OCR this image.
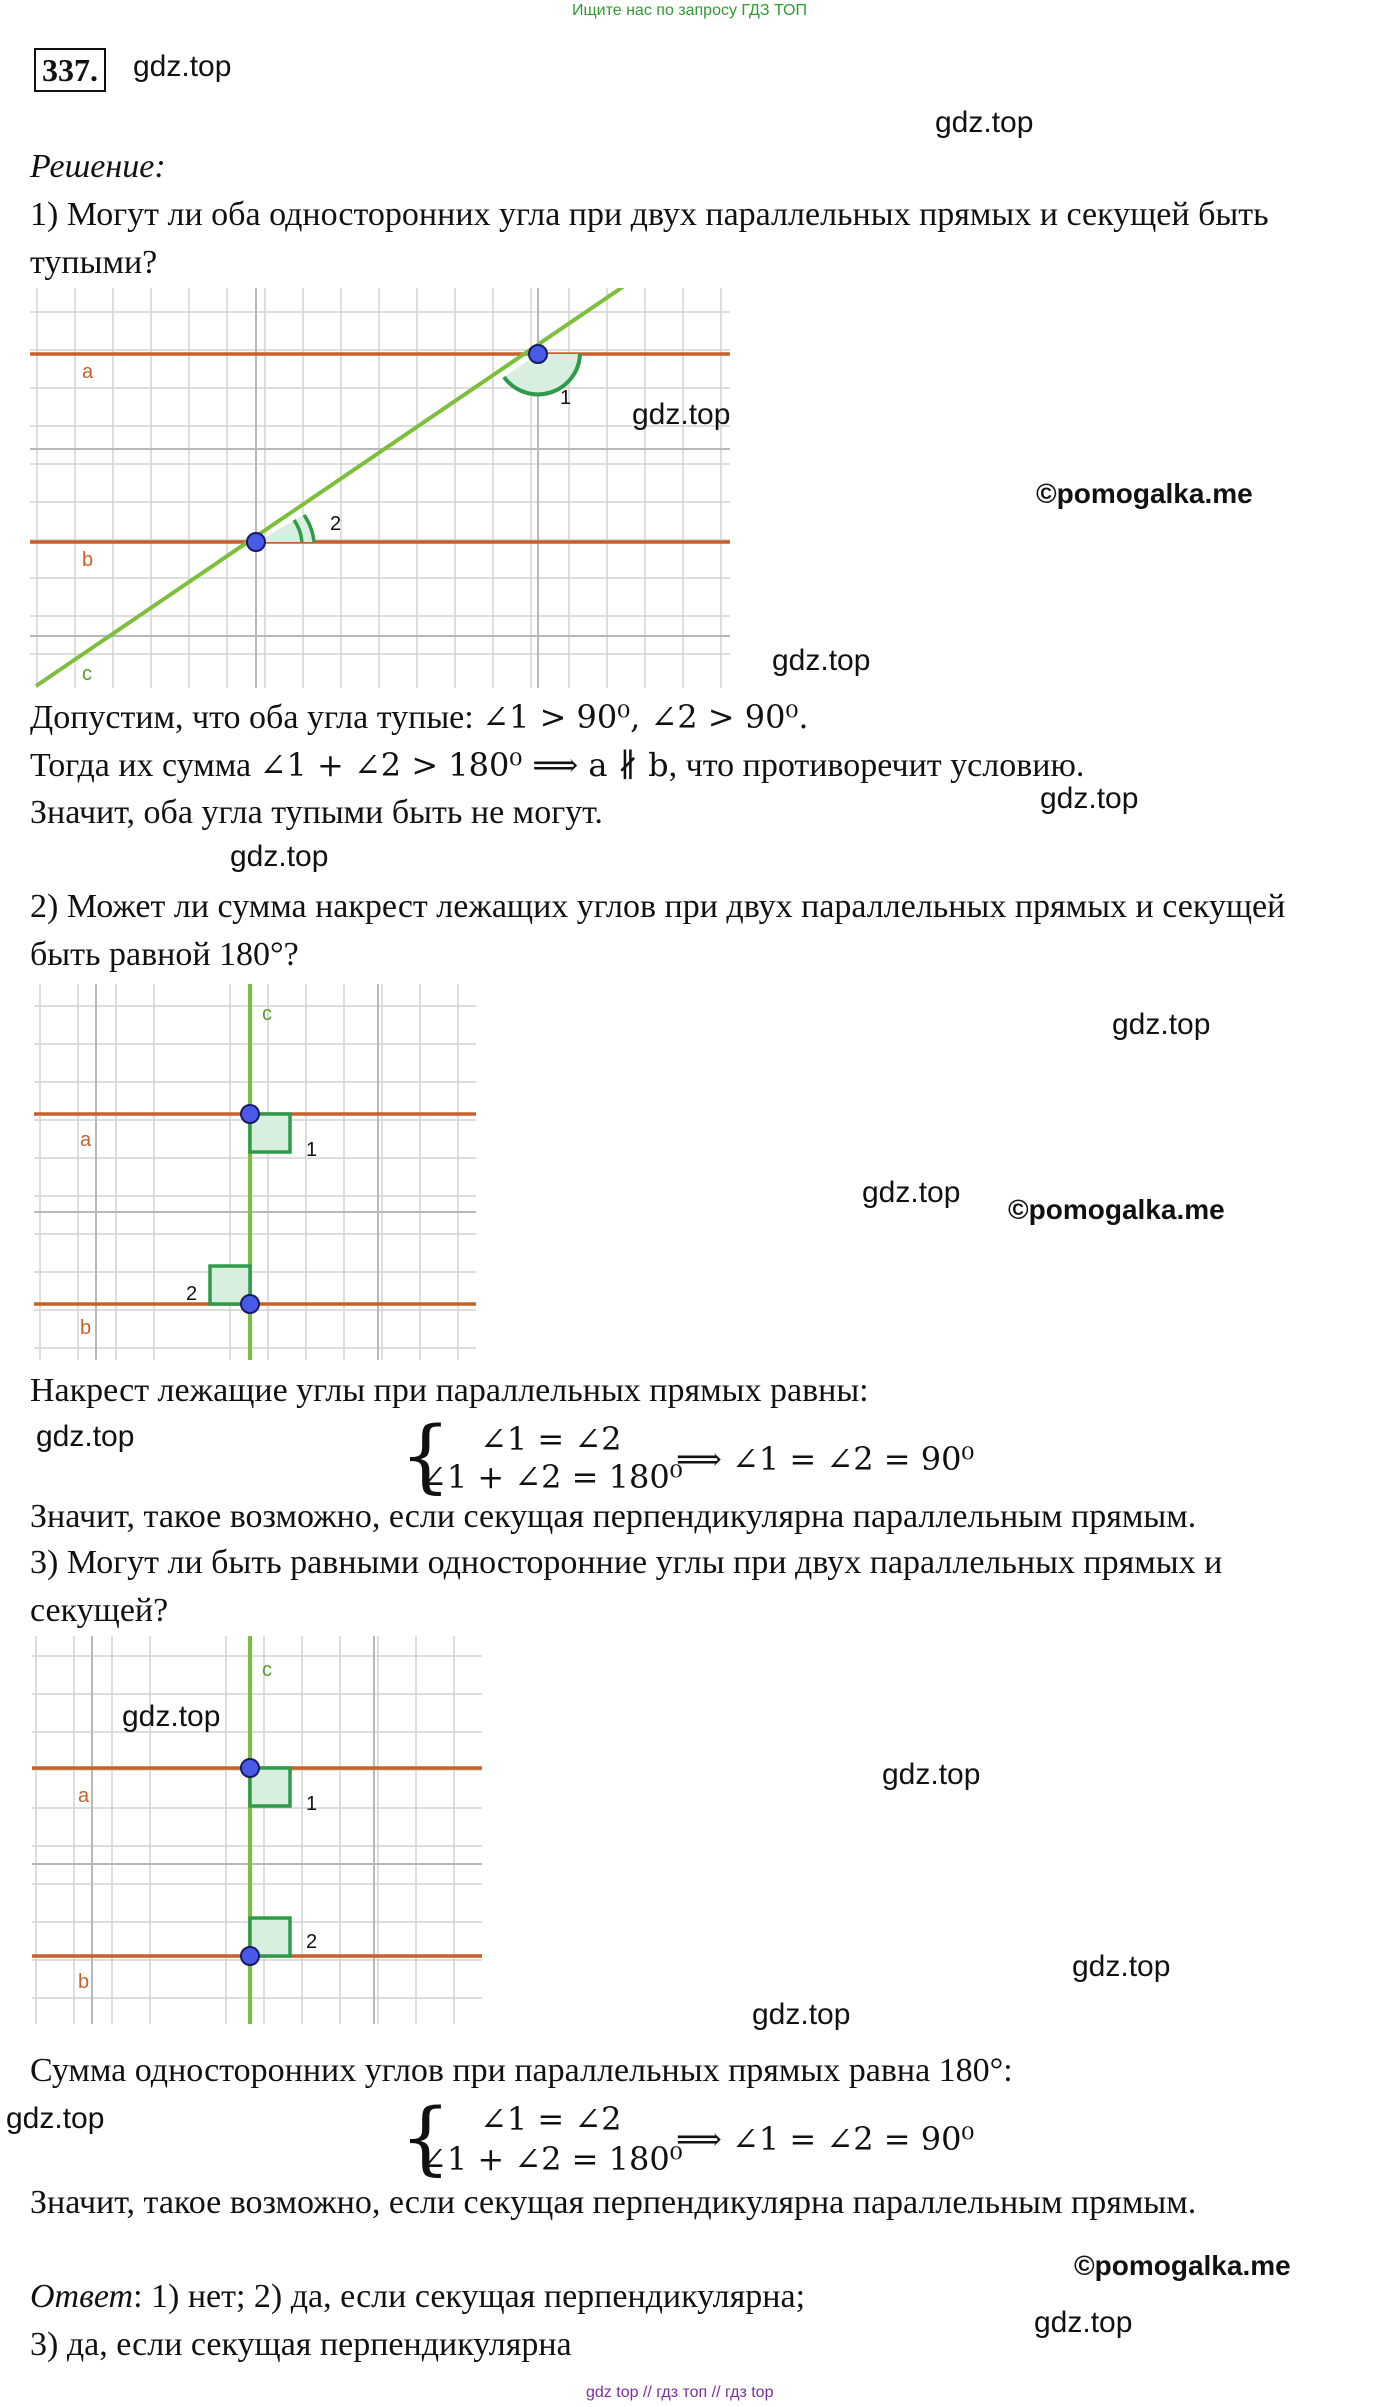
Ищите нас по запросу ГДЗ ТОП
337. gdz.top
gdz.top
Решение:
1) Могут ли оба односторонних угла при двух параллельных прямых и секущей быть
тупыми?
a
b
c
1
2
gdz.top
©pomogalka.me
gdz.top
Допустим, что оба угла тупые: ∠1 > 90⁰, ∠2 > 90⁰.
Тогда их сумма ∠1 + ∠2 > 180⁰ ⟹ a ∦ b, что противоречит условию.
gdz.top
Значит, оба угла тупыми быть не могут.
gdz.top
2) Может ли сумма накрест лежащих углов при двух параллельных прямых и секущей
быть равной 180°?
a
b
c
1
2
gdz.top
gdz.top
©pomogalka.me
Накрест лежащие углы при параллельных прямых равны:
gdz.top	{ ∠1 = ∠2
∠1 + ∠2 = 180⁰
⟹ ∠1 = ∠2 = 90⁰
Значит, такое возможно, если секущая перпендикулярна параллельным прямым.
3) Могут ли быть равными односторонние углы при двух параллельных прямых и
секущей?
a
b
c
1
2
gdz.top
gdz.top
gdz.top
gdz.top
Сумма односторонних углов при параллельных прямых равна 180°:
gdz.top	{ ∠1 = ∠2
∠1 + ∠2 = 180⁰
⟹ ∠1 = ∠2 = 90⁰
Значит, такое возможно, если секущая перпендикулярна параллельным прямым.
©pomogalka.me
Ответ: 1) нет; 2) да, если секущая перпендикулярна;
gdz.top
3) да, если секущая перпендикулярна
gdz top // гдз топ // гдз top
